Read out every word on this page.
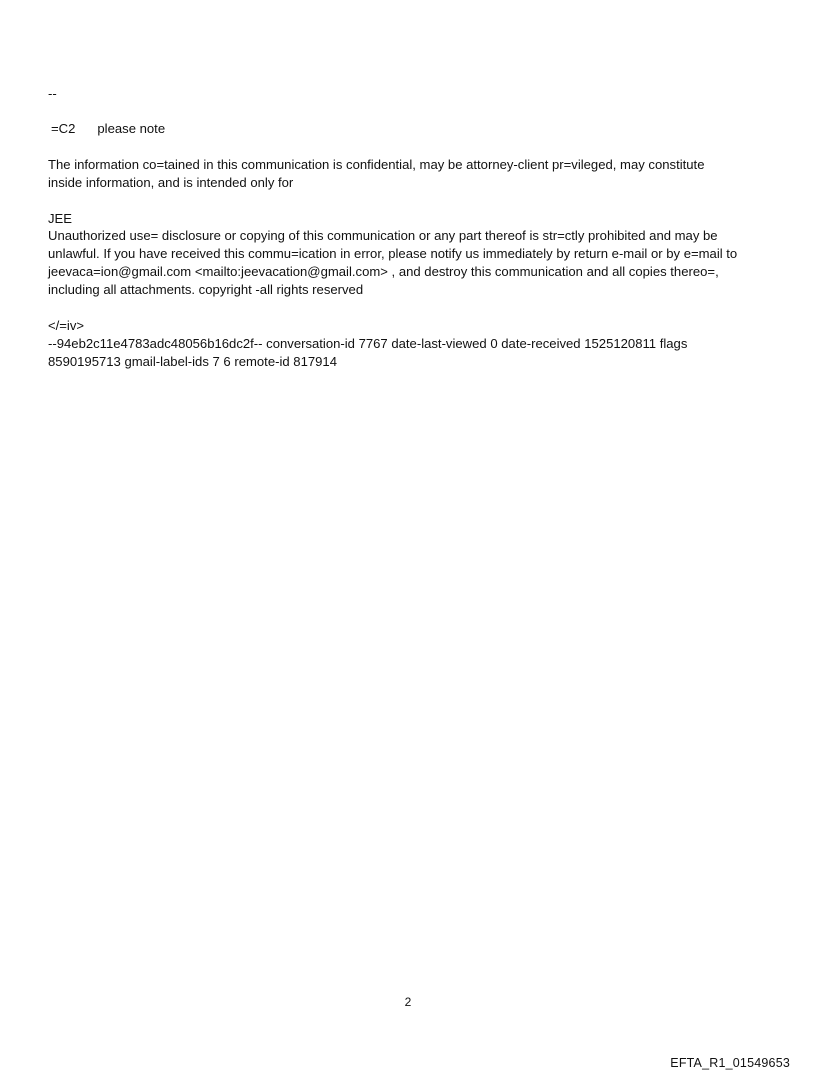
--
=C2 please note
The information co=tained in this communication is confidential, may be attorney-client pr=vileged, may constitute
inside information, and is intended only for
JEE
Unauthorized use= disclosure or copying of this communication or any part thereof is str=ctly prohibited and may be
unlawful. If you have received this commu=ication in error, please notify us immediately by return e-mail or by e=mail to
jeevaca=ion@gmail.com <mailto:jeevacation@gmail.com> , and destroy this communication and all copies thereo=,
including all attachments. copyright -all rights reserved
</=iv>
--94eb2c11e4783adc48056b16dc2f-- conversation-id 7767 date-last-viewed 0 date-received 1525120811 flags
8590195713 gmail-label-ids 7 6 remote-id 817914
2
EFTA_R1_01549653
